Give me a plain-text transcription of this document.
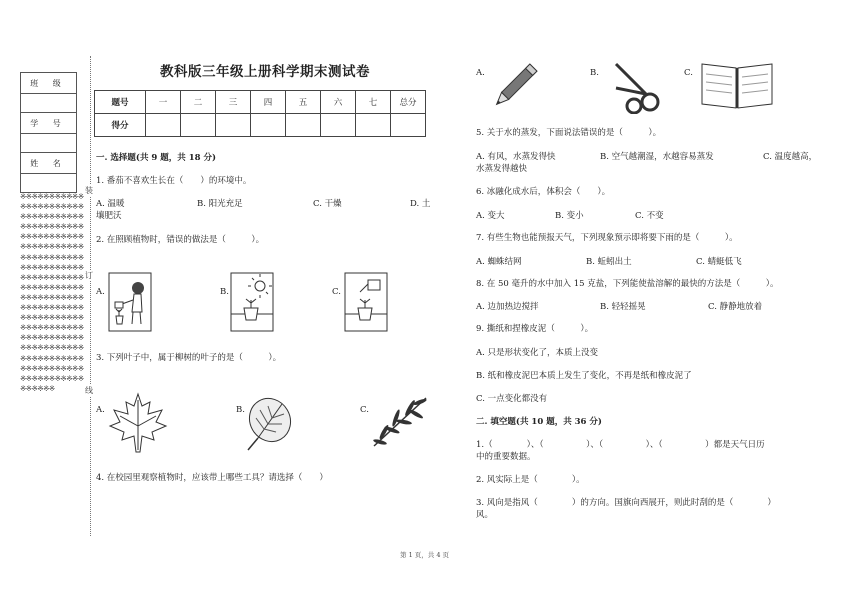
班 级

学 号

姓 名

※※※※※※※※※※※※※※※※※※※※※※※※※※※※※※※※※※※※※※※※※※※※※※※※※※※※※※※※※※※※※※※※※※※※※※※※※※※※※※※※※※※※※※※※※※※※※※※※※※※※※※※※※※※※※※※※※※※※※※※※※※※※※※※※※※※※※※※※※※※※※※※※※※※※※※※※※※※※※※※※※※※※※※※※※※※※※※※※※※※※※※※※※※※※※※※※※※※※※※※※※※※※※※※※※※※※※※※
装
订
线
教科版三年级上册科学期末测试卷
题号	一	二	三	四	五	六	七	总分
得分								
一. 选择题(共 9 题，共 18 分)
1. 番茄不喜欢生长在（　　）的环境中。
A. 温暖	B. 阳光充足	C. 干燥	D. 土
壤肥沃
2. 在照顾植物时，错误的做法是（　　　）。
A.	B.	C.
3. 下列叶子中，属于柳树的叶子的是（　　　）。
A.	B.	C.
4. 在校园里观察植物时，应该带上哪些工具？请选择（　　）
A.	B.	C.
5. 关于水的蒸发，下面说法错误的是（　　　）。
A. 有风，水蒸发得快	B. 空气越潮湿，水越容易蒸发	C. 温度越高，
水蒸发得越快
6. 冰融化成水后，体积会（　　）。
A. 变大	B. 变小	C. 不变
7. 有些生物也能预报天气，下列现象预示即将要下雨的是（　　　）。
A. 蜘蛛结网	B. 蚯蚓出土	C. 蜻蜓低飞
8. 在 50 毫升的水中加入 15 克盐，下列能使盐溶解的最快的方法是（　　　）。
A. 边加热边搅拌	B. 轻轻摇晃	C. 静静地放着
9. 撕纸和捏橡皮泥（　　　）。
A. 只是形状变化了，本质上没变
B. 纸和橡皮泥巴本质上发生了变化，不再是纸和橡皮泥了
C. 一点变化都没有
二. 填空题(共 10 题，共 36 分)
1.（　　　　）、（　　　　　）、（　　　　　）、（　　　　　）都是天气日历
中的重要数据。
2. 风实际上是（　　　　）。
3. 风向是指风（　　　　）的方向。国旗向西展开，则此时刮的是（　　　　）
风。
第 1 页，共 4 页
